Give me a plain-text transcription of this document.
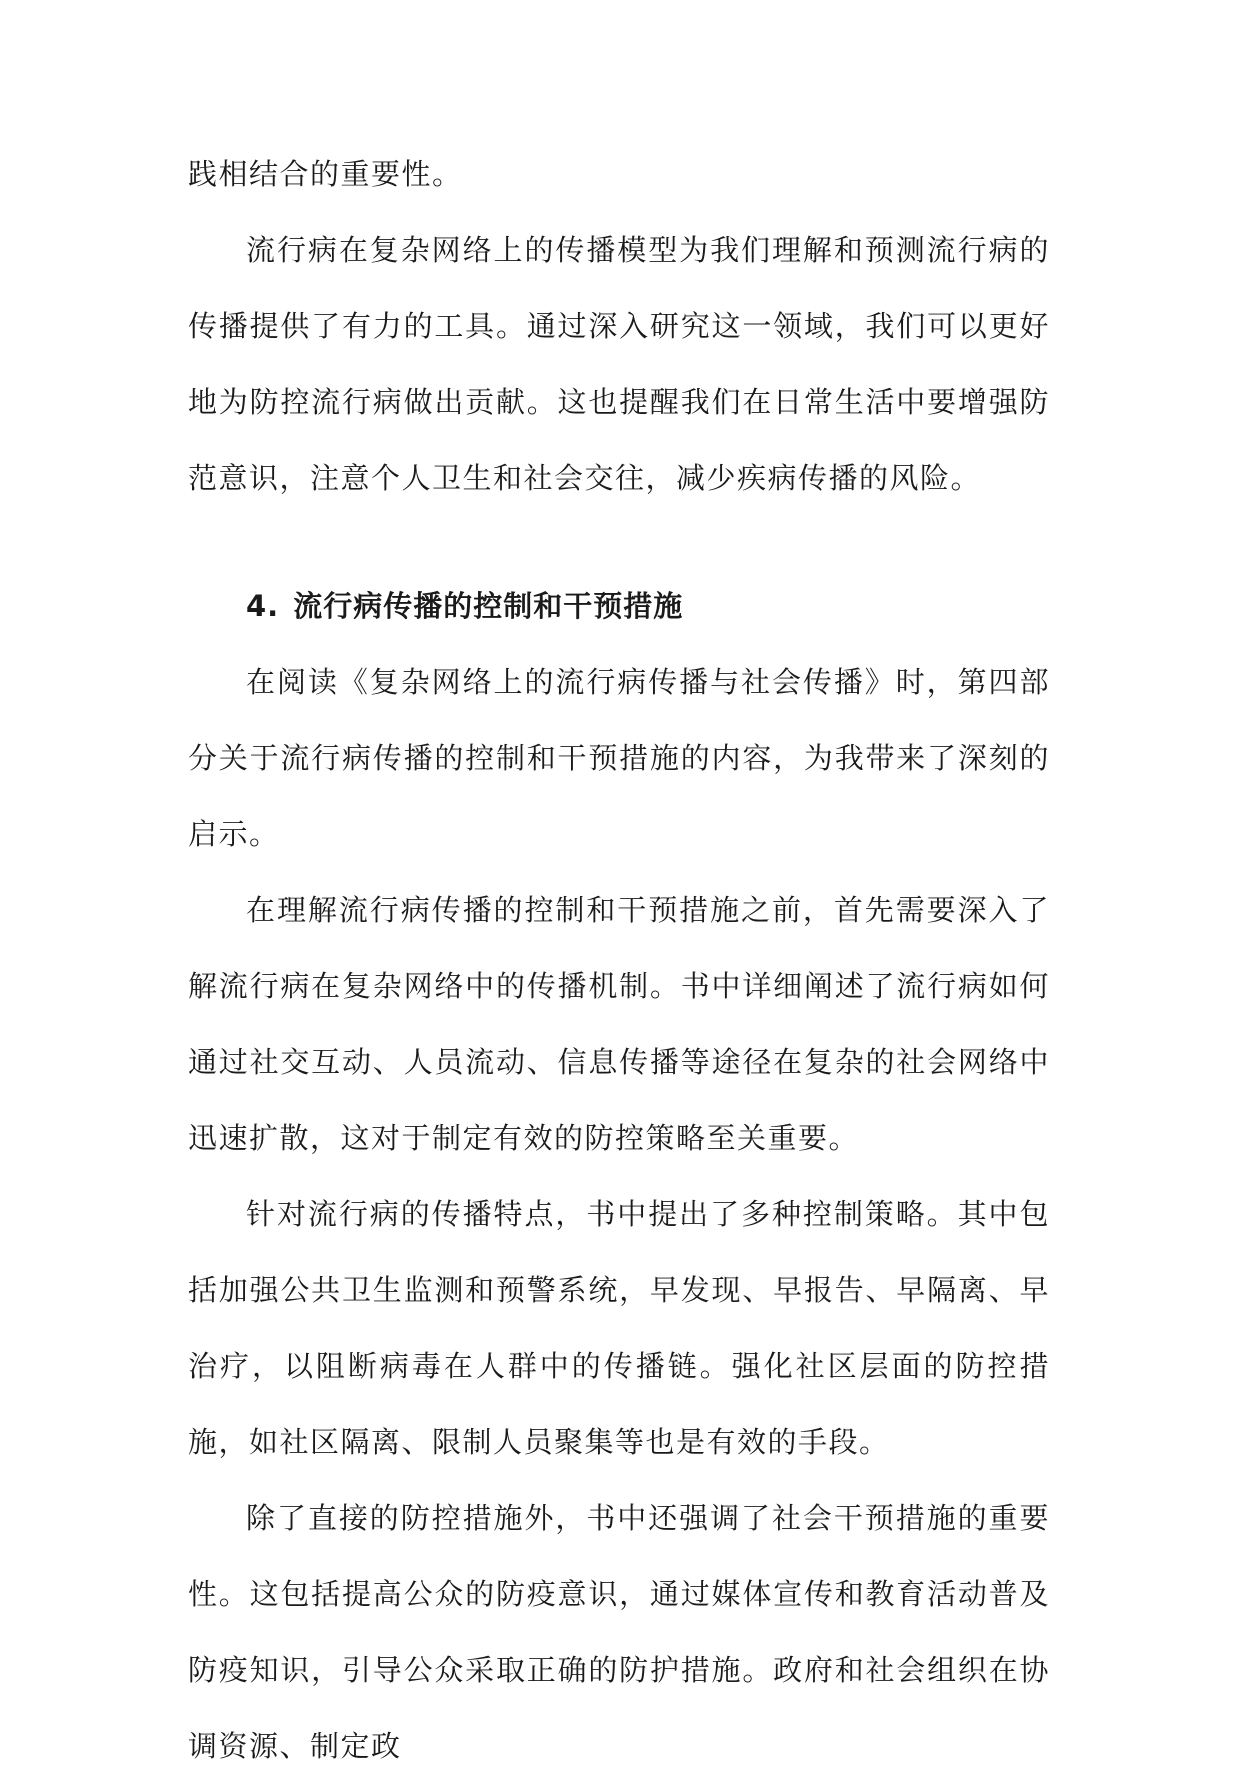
践相结合的重要性。

流行病在复杂网络上的传播模型为我们理解和预测流行病的传播提供了有力的工具。通过深入研究这一领域，我们可以更好地为防控流行病做出贡献。这也提醒我们在日常生活中要增强防范意识，注意个人卫生和社会交往，减少疾病传播的风险。

4. 流行病传播的控制和干预措施

在阅读《复杂网络上的流行病传播与社会传播》时，第四部分关于流行病传播的控制和干预措施的内容，为我带来了深刻的启示。

在理解流行病传播的控制和干预措施之前，首先需要深入了解流行病在复杂网络中的传播机制。书中详细阐述了流行病如何通过社交互动、人员流动、信息传播等途径在复杂的社会网络中迅速扩散，这对于制定有效的防控策略至关重要。

针对流行病的传播特点，书中提出了多种控制策略。其中包括加强公共卫生监测和预警系统，早发现、早报告、早隔离、早治疗，以阻断病毒在人群中的传播链。强化社区层面的防控措施，如社区隔离、限制人员聚集等也是有效的手段。

除了直接的防控措施外，书中还强调了社会干预措施的重要性。这包括提高公众的防疫意识，通过媒体宣传和教育活动普及防疫知识，引导公众采取正确的防护措施。政府和社会组织在协调资源、制定政
